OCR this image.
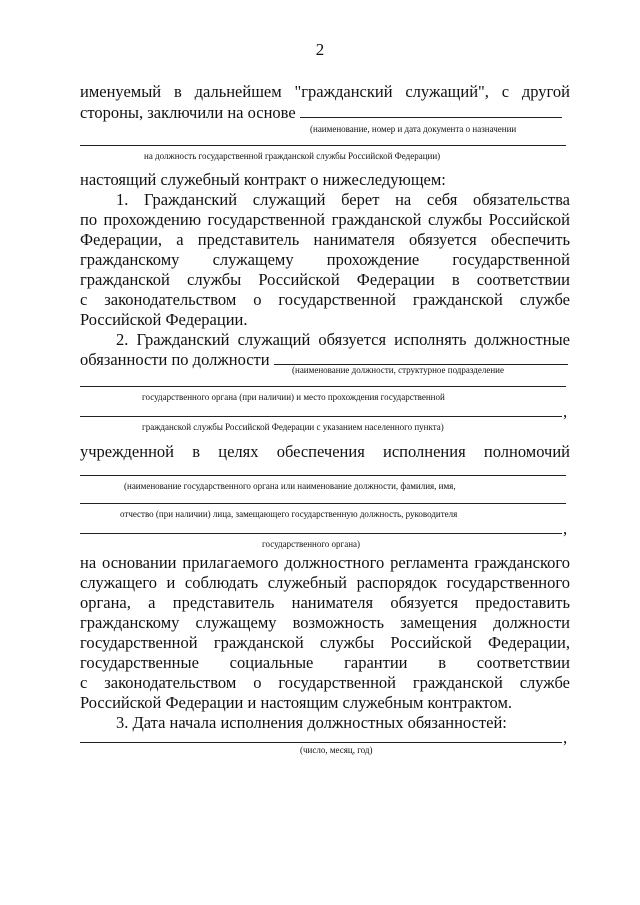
2
именуемый в дальнейшем "гражданский служащий", с другой
стороны, заключили на основе
(наименование, номер и дата документа о назначении
на должность государственной гражданской службы Российской Федерации)
настоящий служебный контракт о нижеследующем:
1. Гражданский служащий берет на себя обязательства
по прохождению государственной гражданской службы Российской
Федерации, а представитель нанимателя обязуется обеспечить
гражданскому служащему прохождение государственной
гражданской службы Российской Федерации в соответствии
с законодательством о государственной гражданской службе
Российской Федерации.
2. Гражданский служащий обязуется исполнять должностные
обязанности по должности
(наименование должности, структурное подразделение
государственного органа (при наличии) и место прохождения государственной
,
гражданской службы Российской Федерации с указанием населенного пункта)
учрежденной в целях обеспечения исполнения полномочий
(наименование государственного органа или наименование должности, фамилия, имя,
отчество (при наличии) лица, замещающего государственную должность, руководителя
,
государственного органа)
на основании прилагаемого должностного регламента гражданского
служащего и соблюдать служебный распорядок государственного
органа, а представитель нанимателя обязуется предоставить
гражданскому служащему возможность замещения должности
государственной гражданской службы Российской Федерации,
государственные социальные гарантии в соответствии
с законодательством о государственной гражданской службе
Российской Федерации и настоящим служебным контрактом.
3. Дата начала исполнения должностных обязанностей:
,
(число, месяц, год)
